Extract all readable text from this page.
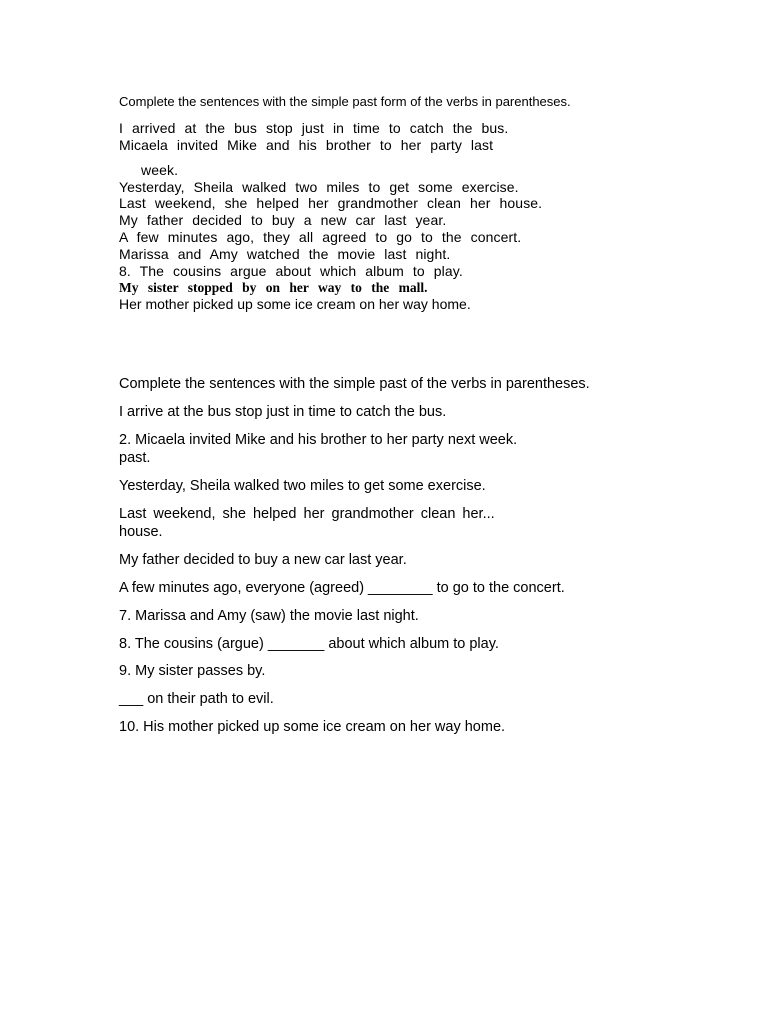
Complete the sentences with the simple past form of the verbs in parentheses.
I arrived at the bus stop just in time to catch the bus.
Micaela invited Mike and his brother to her party last
week.
Yesterday, Sheila walked two miles to get some exercise.
Last weekend, she helped her grandmother clean her house.
My father decided to buy a new car last year.
A few minutes ago, they all agreed to go to the concert.
Marissa and Amy watched the movie last night.
8. The cousins argue about which album to play.
My sister stopped by on her way to the mall.
Her mother picked up some ice cream on her way home.
Complete the sentences with the simple past of the verbs in parentheses.
I arrive at the bus stop just in time to catch the bus.
2. Micaela invited Mike and his brother to her party next week.
past.
Yesterday, Sheila walked two miles to get some exercise.
Last weekend, she helped her grandmother clean her...
house.
My father decided to buy a new car last year.
A few minutes ago, everyone (agreed) ________ to go to the concert.
7. Marissa and Amy (saw) the movie last night.
8. The cousins (argue) _______ about which album to play.
9. My sister passes by.
___ on their path to evil.
10. His mother picked up some ice cream on her way home.
